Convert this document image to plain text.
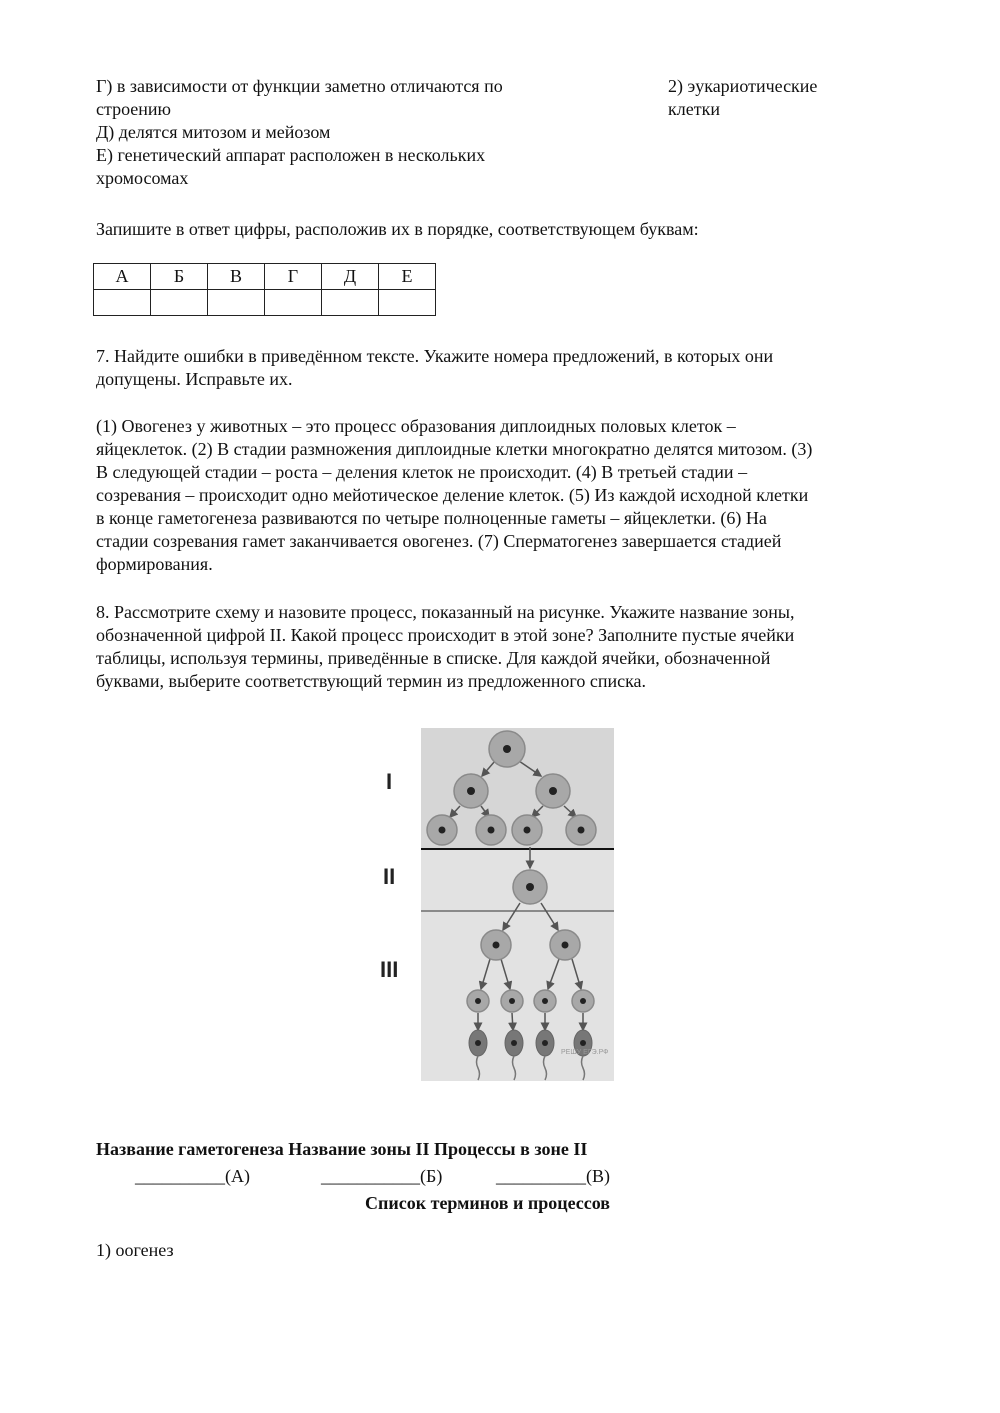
Г) в зависимости от функции заметно отличаются по
строению
Д) делятся митозом и мейозом
Е) генетический аппарат расположен в нескольких
хромосомах
2) эукариотические
клетки
Запишите в ответ цифры, расположив их в порядке, соответствующем буквам:
А	Б	В	Г	Д	Е

7. Найдите ошибки в приведённом тексте. Укажите номера предложений, в которых они
допущены. Исправьте их.
(1) Овогенез у животных – это процесс образования диплоидных половых клеток –
яйцеклеток. (2) В стадии размножения диплоидные клетки многократно делятся митозом. (3)
В следующей стадии – роста – деления клеток не происходит. (4) В третьей стадии –
созревания – происходит одно мейотическое деление клеток. (5) Из каждой исходной клетки
в конце гаметогенеза развиваются по четыре полноценные гаметы – яйцеклетки. (6) На
стадии созревания гамет заканчивается овогенез. (7) Сперматогенез завершается стадией
формирования.
8. Рассмотрите схему и назовите процесс, показанный на рисунке. Укажите название зоны,
обозначенной цифрой II. Какой процесс происходит в этой зоне? Заполните пустые ячейки
таблицы, используя термины, приведённые в списке. Для каждой ячейки, обозначенной
буквами, выберите соответствующий термин из предложенного списка.
I
II
III
РЕШУ ЕГЭ.РФ
Название гаметогенеза Название зоны II Процессы в зоне II
__________(А)	___________(Б)	__________(В)
Список терминов и процессов
1) оогенез
